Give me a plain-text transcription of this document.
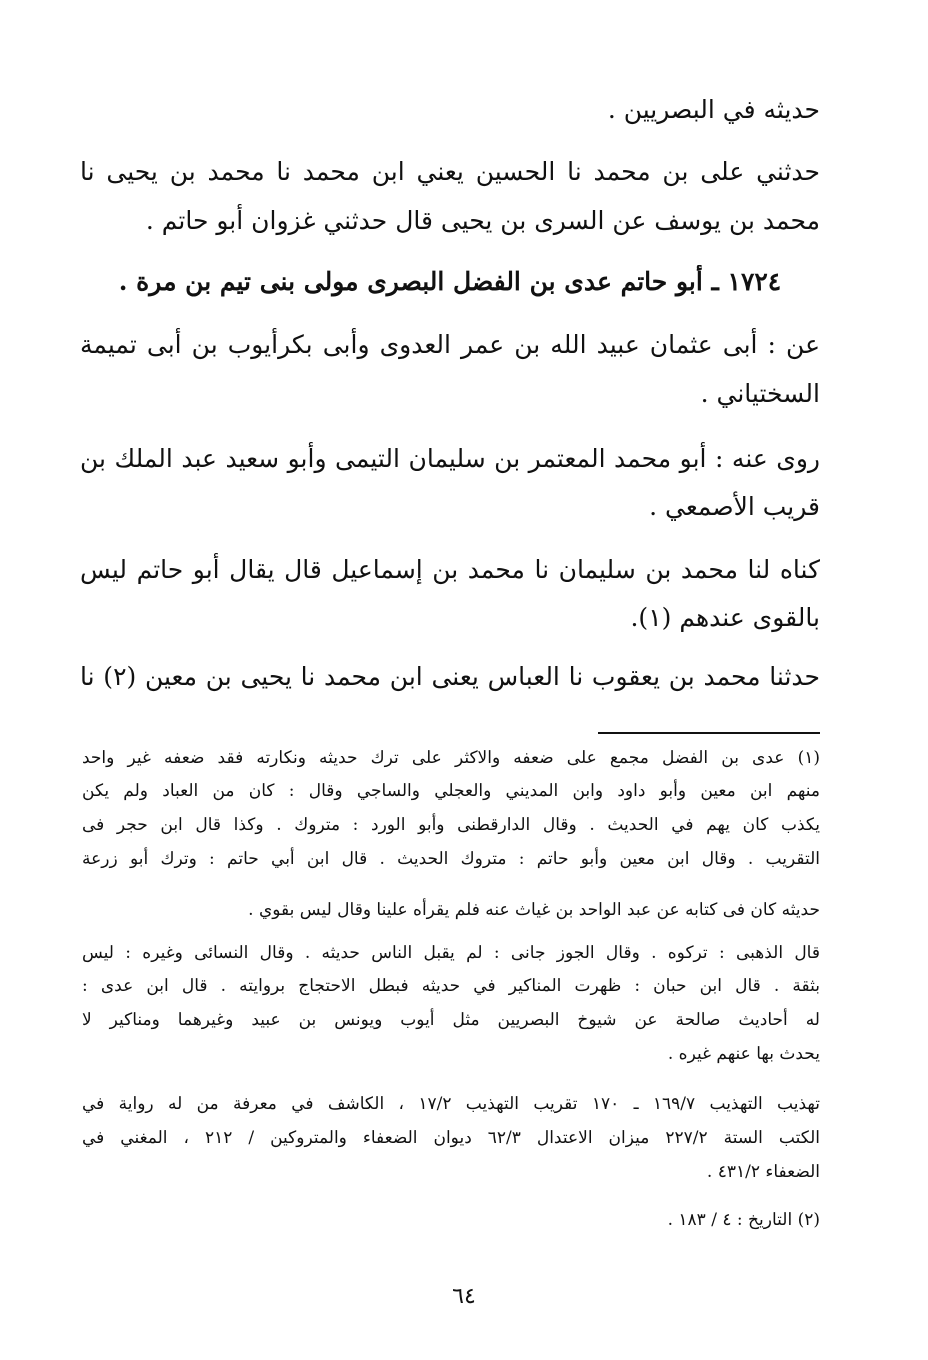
حديثه في البصريين .
حدثني على بن محمد نا الحسين يعني ابن محمد نا محمد بن يحيى نا
محمد بن يوسف عن السرى بن يحيى قال حدثني غزوان أبو حاتم .
١٧٢٤ ـ أبو حاتم عدى بن الفضل البصرى مولى بنى تيم بن مرة .
عن : أبى عثمان عبيد الله بن عمر العدوى وأبى بكرأيوب بن أبى تميمة
السختياني .
روى عنه : أبو محمد المعتمر بن سليمان التيمى وأبو سعيد عبد الملك بن
قريب الأصمعي .
كناه لنا محمد بن سليمان نا محمد بن إسماعيل قال يقال أبو حاتم ليس
بالقوى عندهم (١).
حدثنا محمد بن يعقوب نا العباس يعنى ابن محمد نا يحيى بن معين (٢) نا
(١) عدى بن الفضل مجمع على ضعفه والاكثر على ترك حديثه ونكارته فقد ضعفه غير واحد
منهم ابن معين وأبو داود وابن المديني والعجلي والساجي وقال : كان من العباد ولم يكن
يكذب كان يهم في الحديث . وقال الدارقطنى وأبو الورد : متروك . وكذا قال ابن حجر فى
التقريب . وقال ابن معين وأبو حاتم : متروك الحديث . قال ابن أبي حاتم : وترك أبو زرعة
حديثه كان فى كتابه عن عبد الواحد بن غياث عنه فلم يقرأه علينا وقال ليس بقوي .
قال الذهبى : تركوه . وقال الجوز جانى : لم يقبل الناس حديثه . وقال النسائى وغيره : ليس
بثقة . قال ابن حبان : ظهرت المناكير في حديثه فبطل الاحتجاج بروايته . قال ابن عدى :
له أحاديث صالحة عن شيوخ البصريين مثل أيوب ويونس بن عبيد وغيرهما ومناكير لا
يحدث بها عنهم غيره .
تهذيب التهذيب ١٦٩/٧ ـ ١٧٠ تقريب التهذيب ١٧/٢ ، الكاشف في معرفة من له رواية في
الكتب الستة ٢٢٧/٢ ميزان الاعتدال ٦٢/٣ ديوان الضعفاء والمتروكين / ٢١٢ ، المغني في
الضعفاء ٤٣١/٢ .
(٢) التاريخ : ٤ / ١٨٣ .
٦٤
